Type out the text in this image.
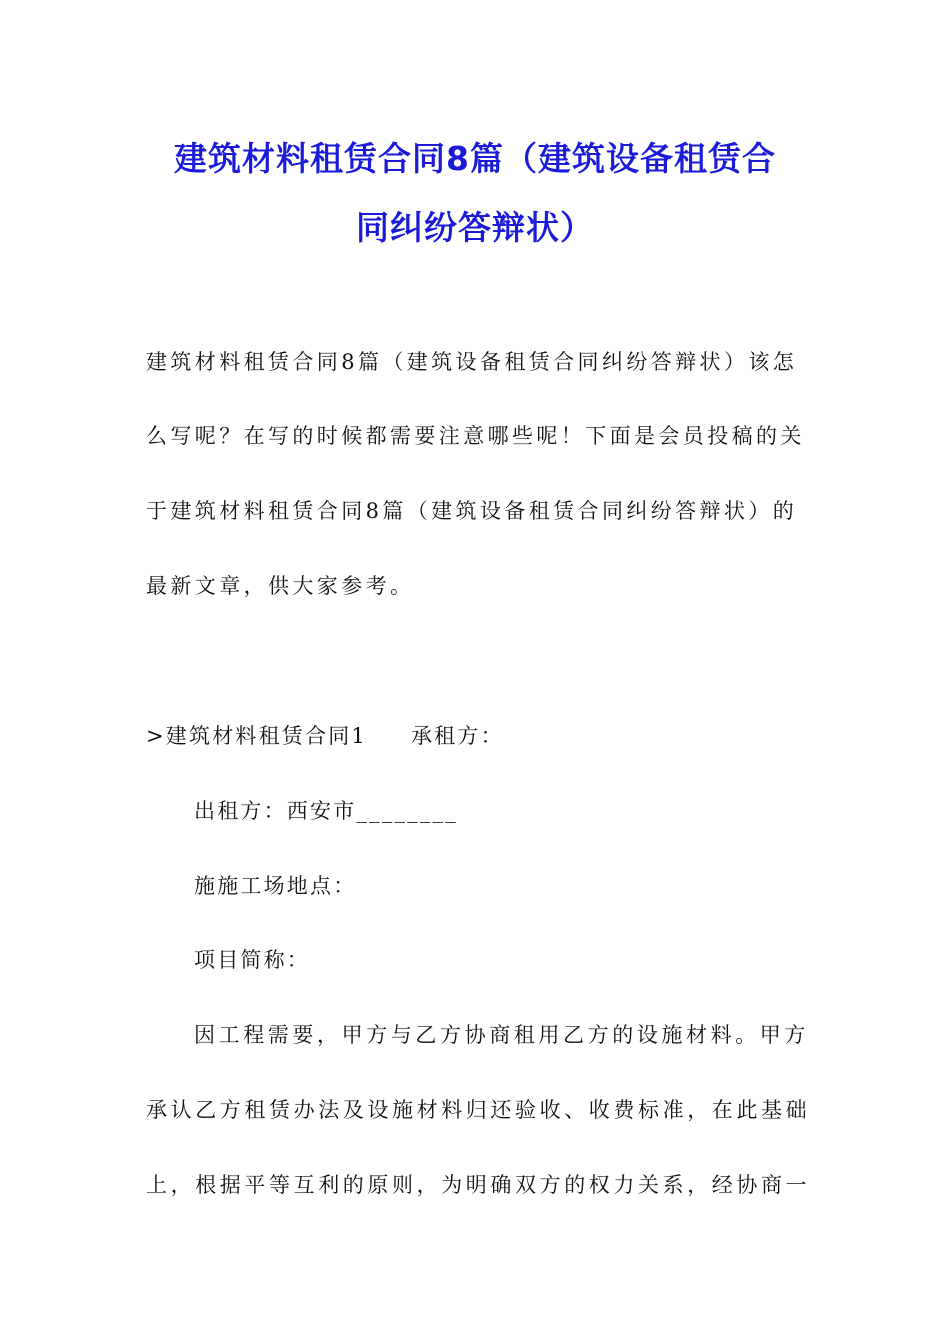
建筑材料租赁合同8篇（建筑设备租赁合
同纠纷答辩状）
建筑材料租赁合同8篇（建筑设备租赁合同纠纷答辩状）该怎
么写呢？在写的时候都需要注意哪些呢！下面是会员投稿的关
于建筑材料租赁合同8篇（建筑设备租赁合同纠纷答辩状）的
最新文章，供大家参考。
>建筑材料租赁合同1 承租方：
出租方：西安市________
施施工场地点：
项目简称：
因工程需要，甲方与乙方协商租用乙方的设施材料。甲方
承认乙方租赁办法及设施材料归还验收、收费标准，在此基础
上，根据平等互利的原则，为明确双方的权力关系，经协商一
